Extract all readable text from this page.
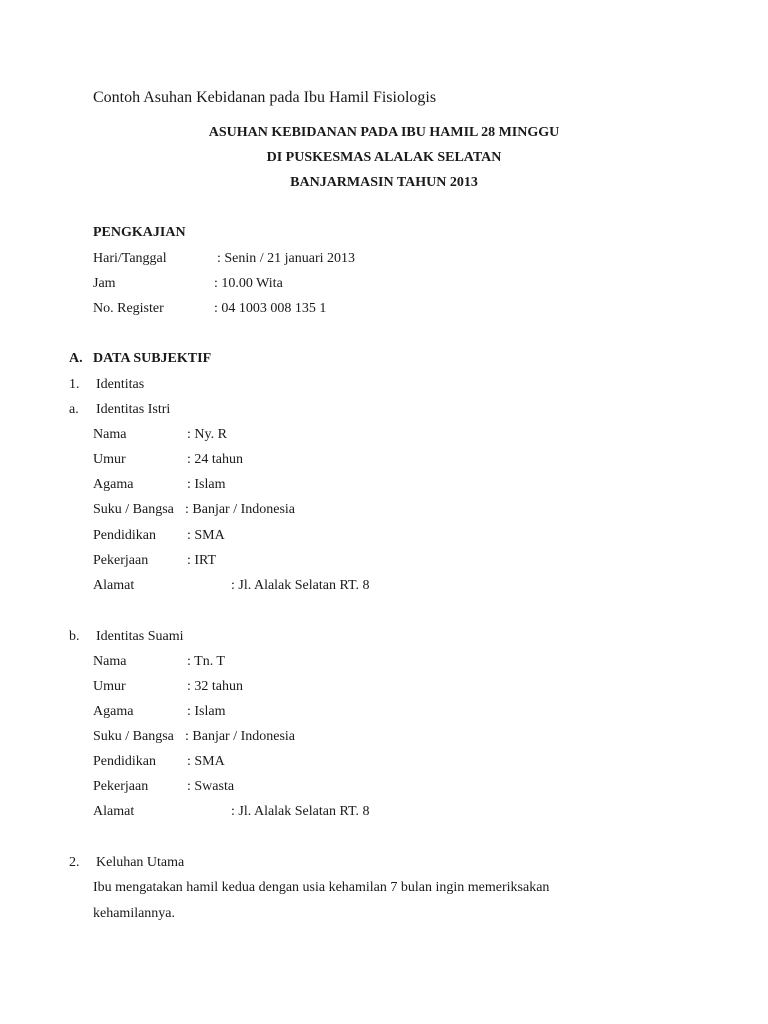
Contoh Asuhan Kebidanan pada Ibu Hamil Fisiologis
ASUHAN KEBIDANAN PADA IBU HAMIL 28 MINGGU
DI PUSKESMAS ALALAK SELATAN
BANJARMASIN TAHUN 2013
PENGKAJIAN
Hari/Tanggal	: Senin / 21 januari 2013
Jam	: 10.00 Wita
No. Register	: 04 1003 008 135 1
A. DATA SUBJEKTIF
1. Identitas
a. Identitas Istri
Nama	: Ny. R
Umur	: 24 tahun
Agama	: Islam
Suku / Bangsa : Banjar / Indonesia
Pendidikan : SMA
Pekerjaan	: IRT
Alamat	: Jl. Alalak Selatan RT. 8
b. Identitas Suami
Nama	: Tn. T
Umur	: 32 tahun
Agama	: Islam
Suku / Bangsa : Banjar / Indonesia
Pendidikan : SMA
Pekerjaan	: Swasta
Alamat	: Jl. Alalak Selatan RT. 8
2. Keluhan Utama
Ibu mengatakan hamil kedua dengan usia kehamilan 7 bulan ingin memeriksakan
kehamilannya.
